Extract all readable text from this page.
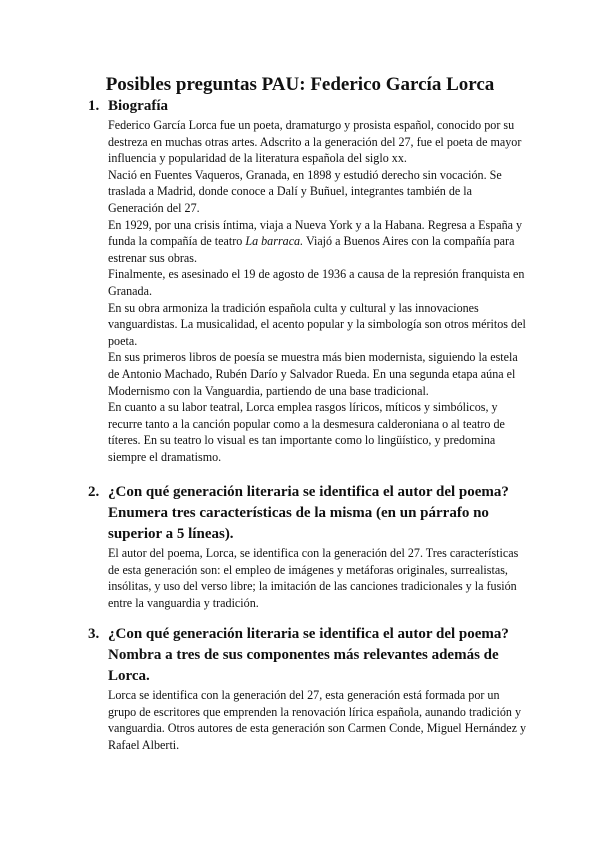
Posibles preguntas PAU: Federico García Lorca
1. Biografía

Federico García Lorca fue un poeta, dramaturgo y prosista español, conocido por su destreza en muchas otras artes. Adscrito a la generación del 27, fue el poeta de mayor influencia y popularidad de la literatura española del siglo xx.

Nació en Fuentes Vaqueros, Granada, en 1898 y estudió derecho sin vocación. Se traslada a Madrid, donde conoce a Dalí y Buñuel, integrantes también de la Generación del 27.

En 1929, por una crisis íntima, viaja a Nueva York y a la Habana. Regresa a España y funda la compañía de teatro La barraca. Viajó a Buenos Aires con la compañía para estrenar sus obras.

Finalmente, es asesinado el 19 de agosto de 1936 a causa de la represión franquista en Granada.

En su obra armoniza la tradición española culta y cultural y las innovaciones vanguardistas. La musicalidad, el acento popular y la simbología son otros méritos del poeta.

En sus primeros libros de poesía se muestra más bien modernista, siguiendo la estela de Antonio Machado, Rubén Darío y Salvador Rueda. En una segunda etapa aúna el Modernismo con la Vanguardia, partiendo de una base tradicional.

En cuanto a su labor teatral, Lorca emplea rasgos líricos, míticos y simbólicos, y recurre tanto a la canción popular como a la desmesura calderoniana o al teatro de títeres. En su teatro lo visual es tan importante como lo lingüístico, y predomina siempre el dramatismo.

2. ¿Con qué generación literaria se identifica el autor del poema? Enumera tres características de la misma (en un párrafo no superior a 5 líneas).

El autor del poema, Lorca, se identifica con la generación del 27. Tres características de esta generación son: el empleo de imágenes y metáforas originales, surrealistas, insólitas, y uso del verso libre; la imitación de las canciones tradicionales y la fusión entre la vanguardia y tradición.

3. ¿Con qué generación literaria se identifica el autor del poema? Nombra a tres de sus componentes más relevantes además de Lorca.

Lorca se identifica con la generación del 27, esta generación está formada por un grupo de escritores que emprenden la renovación lírica española, aunando tradición y vanguardia. Otros autores de esta generación son Carmen Conde, Miguel Hernández y Rafael Alberti.
